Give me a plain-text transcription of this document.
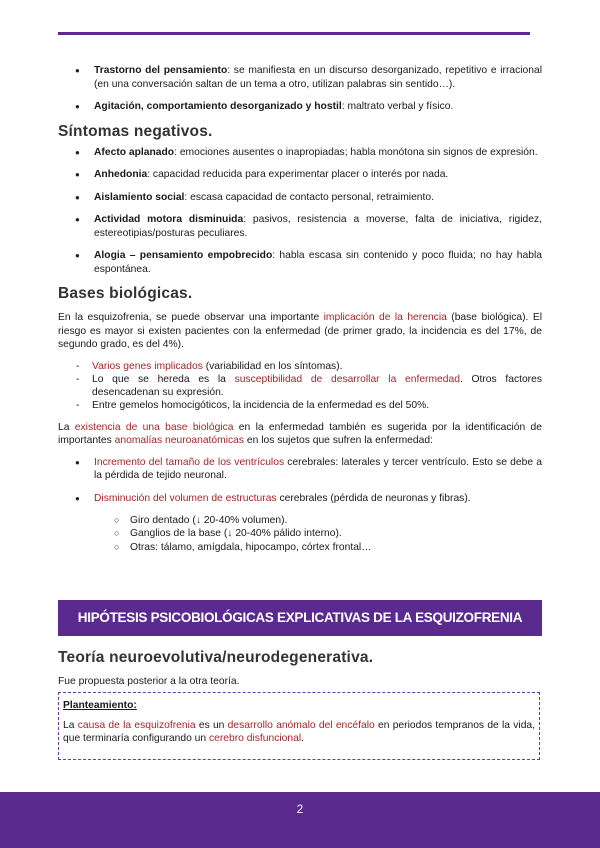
● Trastorno del pensamiento: se manifiesta en un discurso desorganizado, repetitivo e irracional (en una conversación saltan de un tema a otro, utilizan palabras sin sentido…).
● Agitación, comportamiento desorganizado y hostil: maltrato verbal y físico.
Síntomas negativos.
● Afecto aplanado: emociones ausentes o inapropiadas; habla monótona sin signos de expresión.
● Anhedonia: capacidad reducida para experimentar placer o interés por nada.
● Aislamiento social: escasa capacidad de contacto personal, retraimiento.
● Actividad motora disminuida: pasivos, resistencia a moverse, falta de iniciativa, rigidez, estereotipias/posturas peculiares.
● Alogia – pensamiento empobrecido: habla escasa sin contenido y poco fluida; no hay habla espontánea.
Bases biológicas.

En la esquizofrenia, se puede observar una importante implicación de la herencia (base biológica). El riesgo es mayor si existen pacientes con la enfermedad (de primer grado, la incidencia es del 17%, de segundo grado, es del 4%).

- Varios genes implicados (variabilidad en los síntomas).
- Lo que se hereda es la susceptibilidad de desarrollar la enfermedad. Otros factores desencadenan su expresión.
- Entre gemelos homocigóticos, la incidencia de la enfermedad es del 50%.

La existencia de una base biológica en la enfermedad también es sugerida por la identificación de importantes anomalías neuroanatómicas en los sujetos que sufren la enfermedad:

● Incremento del tamaño de los ventrículos cerebrales: laterales y tercer ventrículo. Esto se debe a la pérdida de tejido neuronal.
● Disminución del volumen de estructuras cerebrales (pérdida de neuronas y fibras).
○ Giro dentado (↓ 20-40% volumen).
○ Ganglios de la base (↓ 20-40% pálido interno).
○ Otras: tálamo, amígdala, hipocampo, córtex frontal…
HIPÓTESIS PSICOBIOLÓGICAS EXPLICATIVAS DE LA ESQUIZOFRENIA
Teoría neuroevolutiva/neurodegenerativa.

Fue propuesta posterior a la otra teoría.

Planteamiento:
La causa de la esquizofrenia es un desarrollo anómalo del encéfalo en periodos tempranos de la vida, que terminaría configurando un cerebro disfuncional.
2
